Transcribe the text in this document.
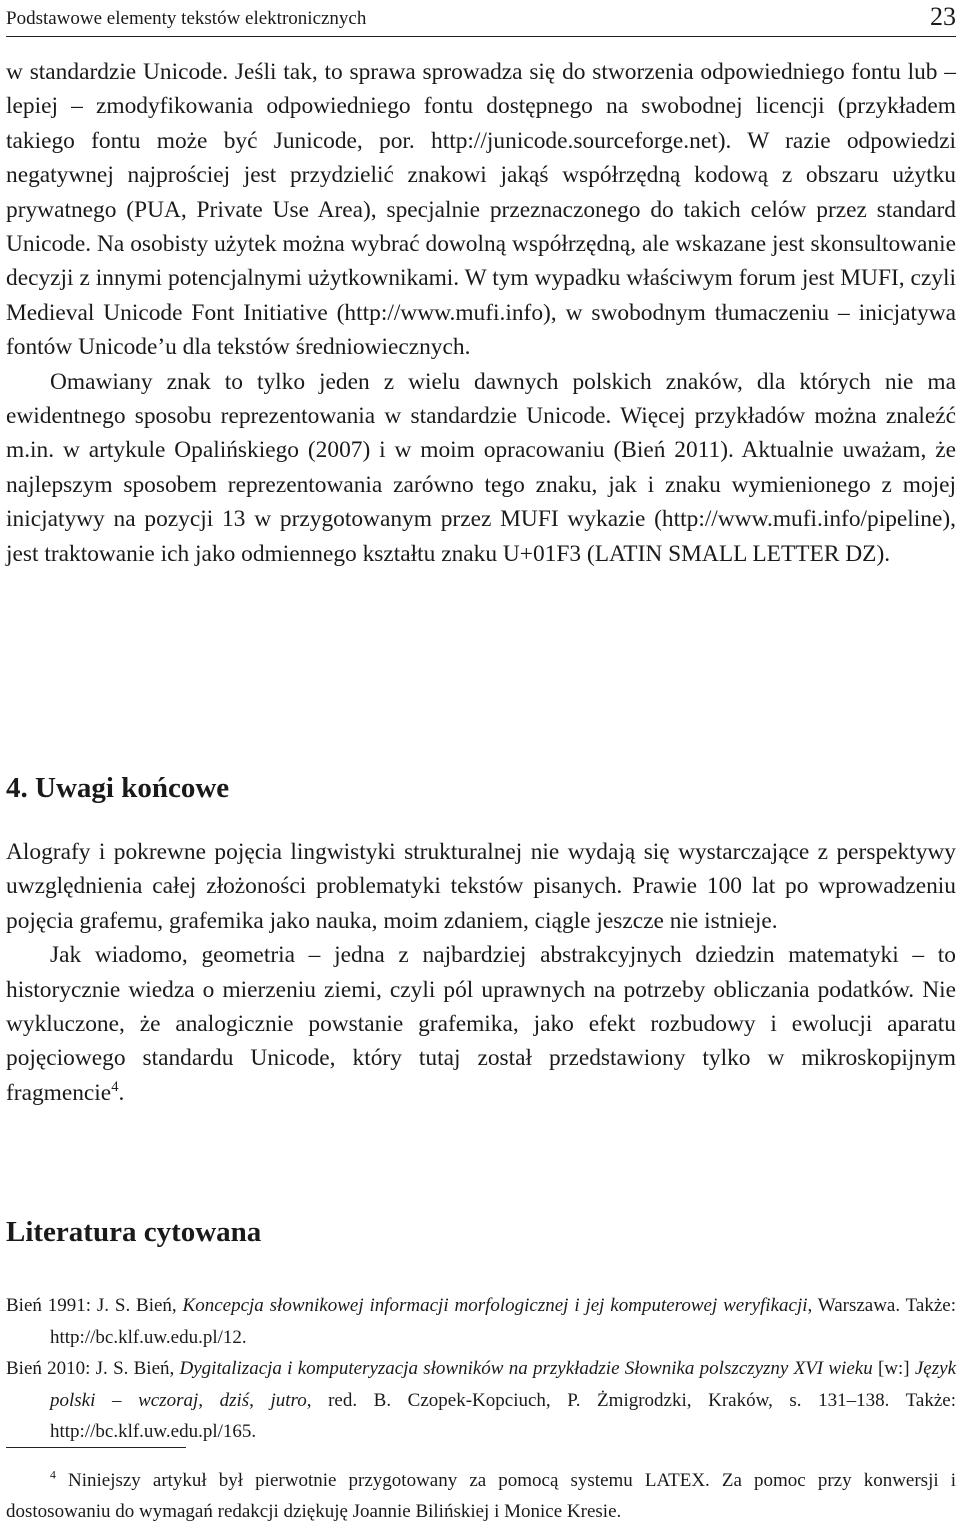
Podstawowe elementy tekstów elektronicznych	23

w standardzie Unicode. Jeśli tak, to sprawa sprowadza się do stworzenia odpowiedniego fontu lub – lepiej – zmodyfikowania odpowiedniego fontu dostępnego na swobodnej licencji (przykładem takiego fontu może być Junicode, por. http://junicode.sourceforge.net). W razie odpowiedzi negatywnej najprościej jest przydzielić znakowi jakąś współrzędną kodową z obszaru użytku prywatnego (PUA, Private Use Area), specjalnie przeznaczonego do takich celów przez standard Unicode. Na osobisty użytek można wybrać dowolną współrzędną, ale wskazane jest skonsultowanie decyzji z innymi potencjalnymi użytkownikami. W tym wypadku właściwym forum jest MUFI, czyli Medieval Unicode Font Initiative (http://www.mufi.info), w swobodnym tłumaczeniu – inicjatywa fontów Unicode’u dla tekstów średniowiecznych.

Omawiany znak to tylko jeden z wielu dawnych polskich znaków, dla których nie ma ewidentnego sposobu reprezentowania w standardzie Unicode. Więcej przykładów można znaleźć m.in. w artykule Opalińskiego (2007) i w moim opracowaniu (Bień 2011). Aktualnie uważam, że najlepszym sposobem reprezentowania zarówno tego znaku, jak i znaku wymienionego z mojej inicjatywy na pozycji 13 w przygotowanym przez MUFI wykazie (http://www.mufi.info/pipeline), jest traktowanie ich jako odmiennego kształtu znaku U+01F3 (LATIN SMALL LETTER DZ).

4. Uwagi końcowe

Alografy i pokrewne pojęcia lingwistyki strukturalnej nie wydają się wystarczające z perspektywy uwzględnienia całej złożoności problematyki tekstów pisanych. Prawie 100 lat po wprowadzeniu pojęcia grafemu, grafemika jako nauka, moim zdaniem, ciągle jeszcze nie istnieje.

Jak wiadomo, geometria – jedna z najbardziej abstrakcyjnych dziedzin matematyki – to historycznie wiedza o mierzeniu ziemi, czyli pól uprawnych na potrzeby obliczania podatków. Nie wykluczone, że analogicznie powstanie grafemika, jako efekt rozbudowy i ewolucji aparatu pojęciowego standardu Unicode, który tutaj został przedstawiony tylko w mikroskopijnym fragmencie$^4$.

Literatura cytowana

Bień 1991: J. S. Bień, Koncepcja słownikowej informacji morfologicznej i jej komputerowej weryfikacji, Warszawa. Także: http://bc.klf.uw.edu.pl/12.

Bień 2010: J. S. Bień, Dygitalizacja i komputeryzacja słowników na przykładzie Słownika polszczyzny XVI wieku [w:] Język polski – wczoraj, dziś, jutro, red. B. Czopek-Kopciuch, P. Żmigrodzki, Kraków, s. 131–138. Także: http://bc.klf.uw.edu.pl/165.

$^4$ Niniejszy artykuł był pierwotnie przygotowany za pomocą systemu LATEX. Za pomoc przy konwersji i dostosowaniu do wymagań redakcji dziękuję Joannie Bilińskiej i Monice Kresie.
